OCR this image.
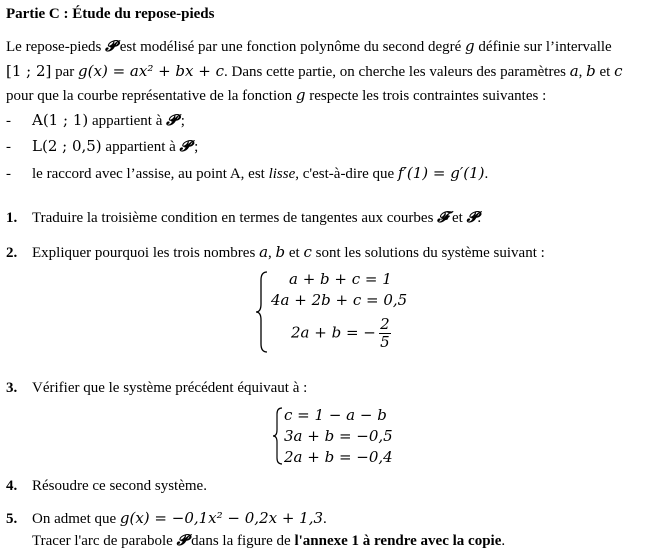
Partie C : Étude du repose-pieds
Le repose-pieds 𝓟 est modélisé par une fonction polynôme du second degré g définie sur l’intervalle
[1 ; 2] par g(x) = ax² + bx + c. Dans cette partie, on cherche les valeurs des paramètres a, b et c
pour que la courbe représentative de la fonction g respecte les trois contraintes suivantes :
- A(1 ; 1) appartient à 𝓟 ;
- L(2 ; 0,5) appartient à 𝓟 ;
- le raccord avec l’assise, au point A, est lisse, c'est-à-dire que f′(1) = g′(1).
1. Traduire la troisième condition en termes de tangentes aux courbes 𝓕 et 𝓟.
2. Expliquer pourquoi les trois nombres a, b et c sont les solutions du système suivant :
a + b + c = 1
4a + 2b + c = 0,5
2a + b = − $\frac{2}{5}$
3. Vérifier que le système précédent équivaut à :
c = 1 − a − b
3a + b = −0,5
2a + b = −0,4
4. Résoudre ce second système.
5. On admet que g(x) = −0,1x² − 0,2x + 1,3.
Tracer l'arc de parabole 𝓟 dans la figure de l'annexe 1 à rendre avec la copie.
